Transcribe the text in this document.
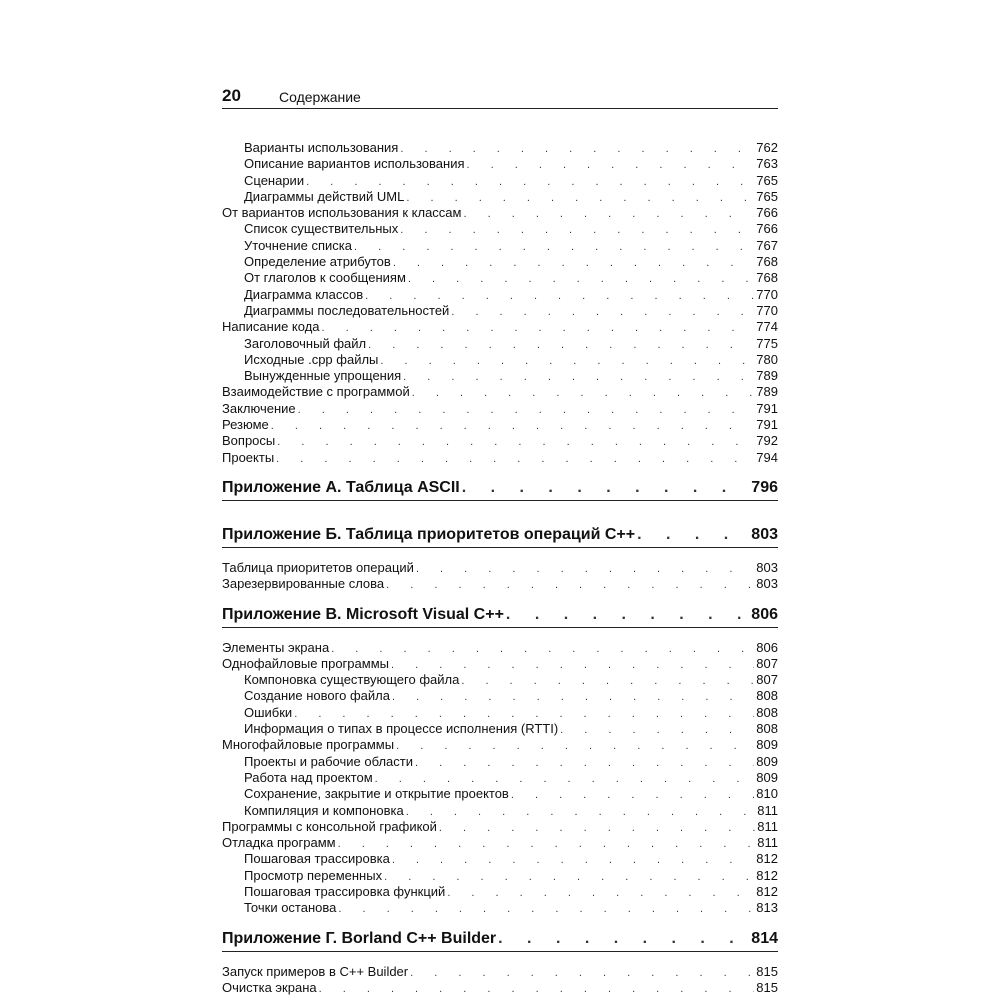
20	Содержание
Варианты использования . . .	762
Описание вариантов использования . . .	763
Сценарии . . .	765
Диаграммы действий UML . . .	765
От вариантов использования к классам . . .	766
Список существительных . . .	766
Уточнение списка . . .	767
Определение атрибутов . . .	768
От глаголов к сообщениям . . .	768
Диаграмма классов . . .	770
Диаграммы последовательностей . . .	770
Написание кода . . .	774
Заголовочный файл . . .	775
Исходные .cpp файлы . . .	780
Вынужденные упрощения . . .	789
Взаимодействие с программой . . .	789
Заключение . . .	791
Резюме . . .	791
Вопросы . . .	792
Проекты . . .	794
Приложение А. Таблица ASCII . . .	796
Приложение Б. Таблица приоритетов операций C++ . . .	803
Таблица приоритетов операций . . .	803
Зарезервированные слова . . .	803
Приложение В. Microsoft Visual C++ . . .	806
Элементы экрана . . .	806
Однофайловые программы . . .	807
Компоновка существующего файла . . .	807
Создание нового файла . . .	808
Ошибки . . .	808
Информация о типах в процессе исполнения (RTTI) . . .	808
Многофайловые программы . . .	809
Проекты и рабочие области . . .	809
Работа над проектом . . .	809
Сохранение, закрытие и открытие проектов . . .	810
Компиляция и компоновка . . .	811
Программы с консольной графикой . . .	811
Отладка программ . . .	811
Пошаговая трассировка . . .	812
Просмотр переменных . . .	812
Пошаговая трассировка функций . . .	812
Точки останова . . .	813
Приложение Г. Borland C++ Builder . . .	814
Запуск примеров в C++ Builder . . .	815
Очистка экрана . . .	815
